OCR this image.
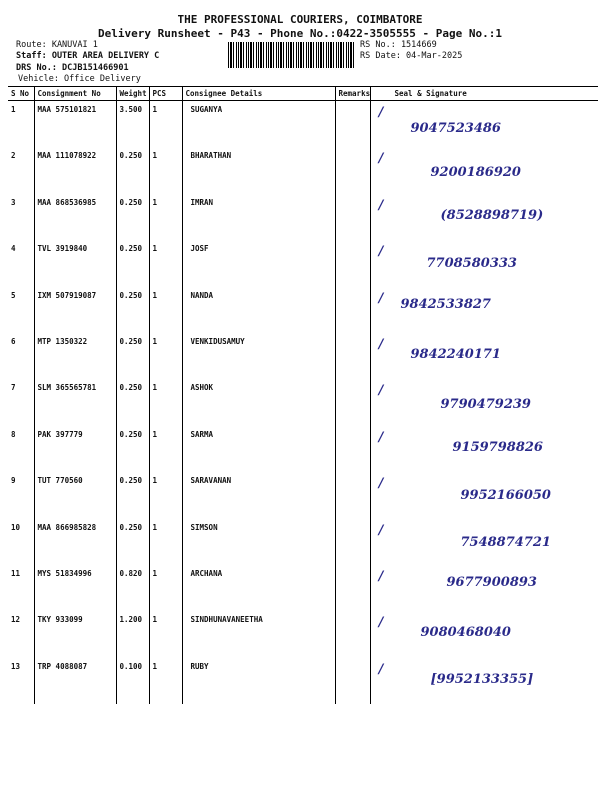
THE PROFESSIONAL COURIERS, COIMBATORE
Delivery Runsheet - P43 - Phone No.:0422-3505555 - Page No.:1
Route: KANUVAI 1
Staff: OUTER AREA DELIVERY C
DRS No.: DCJB151466901
Vehicle: Office Delivery
RS No.: 1514669
RS Date: 04-Mar-2025
S No	Consignment No	Weight	PCS	Consignee Details	Remarks	Seal & Signature
1	MAA 575101821	3.500	1	SUGANYA		/
9047523486

2	MAA 111078922	0.250	1	BHARATHAN		/
9200186920

3	MAA 868536985	0.250	1	IMRAN		/
(8528898719)

4	TVL 3919840	0.250	1	JOSF		/
7708580333

5	IXM 507919087	0.250	1	NANDA		/ 9842533827

6	MTP 1350322	0.250	1	VENKIDUSAMUY		/
9842240171

7	SLM 365565781	0.250	1	ASHOK		/
9790479239

8	PAK 397779	0.250	1	SARMA		/
9159798826

9	TUT 770560	0.250	1	SARAVANAN		/
9952166050

10	MAA 866985828	0.250	1	SIMSON		/
7548874721

11	MYS 51834996	0.820	1	ARCHANA		/ 9677900893

12	TKY 933099	1.200	1	SINDHUNAVANEETHA		/
9080468040

13	TRP 4088087	0.100	1	RUBY		/
[9952133355]
